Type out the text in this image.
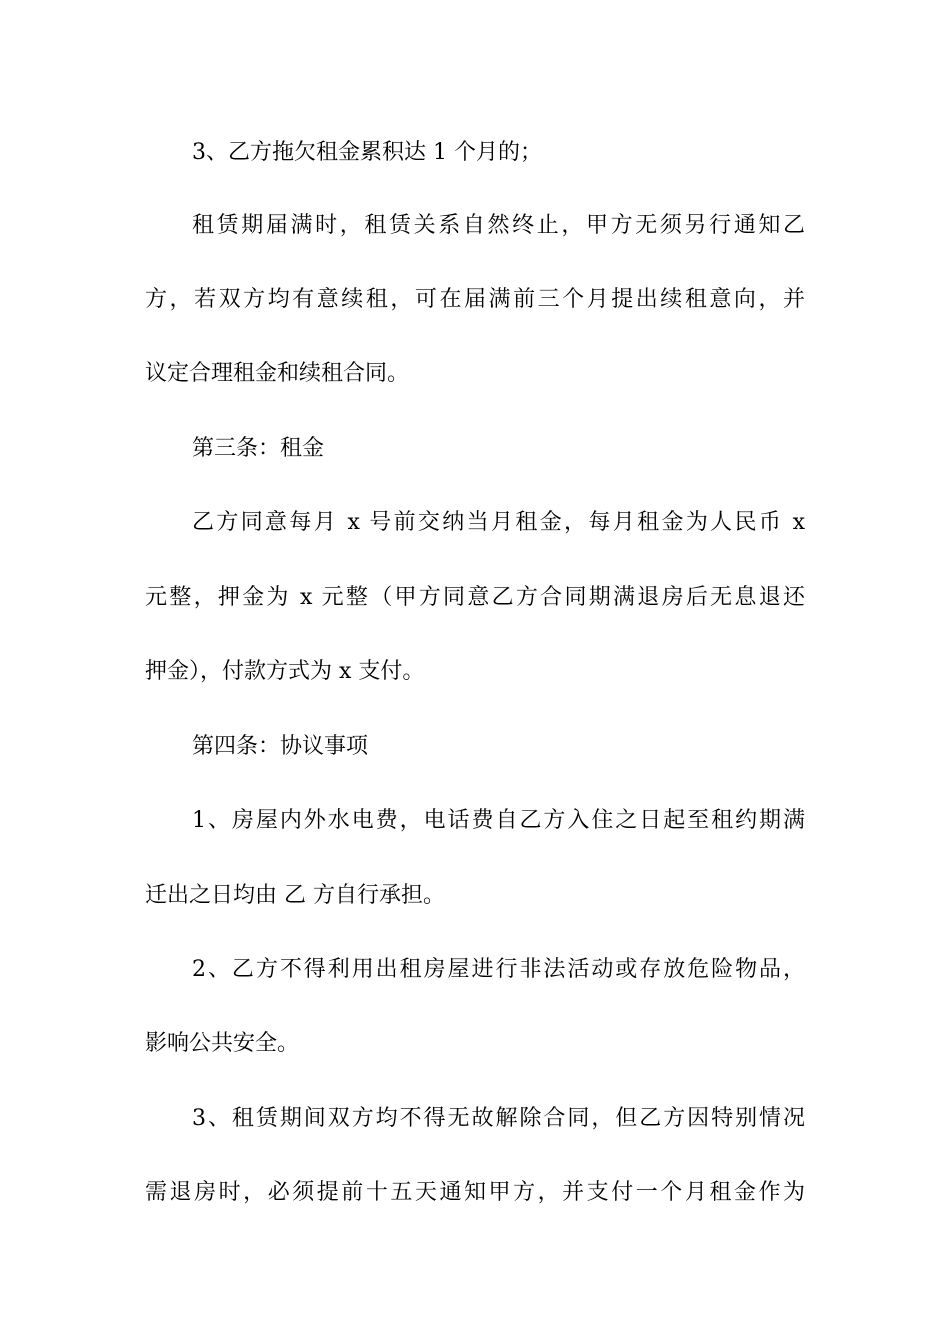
3、乙方拖欠租金累积达 1 个月的；

租赁期届满时，租赁关系自然终止，甲方无须另行通知乙

方，若双方均有意续租，可在届满前三个月提出续租意向，并

议定合理租金和续租合同。

第三条：租金

乙方同意每月 x 号前交纳当月租金，每月租金为人民币 x

元整，押金为 x 元整（甲方同意乙方合同期满退房后无息退还

押金），付款方式为 x 支付。

第四条：协议事项

1、房屋内外水电费，电话费自乙方入住之日起至租约期满

迁出之日均由 乙 方自行承担。

2、乙方不得利用出租房屋进行非法活动或存放危险物品，

影响公共安全。

3、租赁期间双方均不得无故解除合同，但乙方因特别情况

需退房时，必须提前十五天通知甲方，并支付一个月租金作为
